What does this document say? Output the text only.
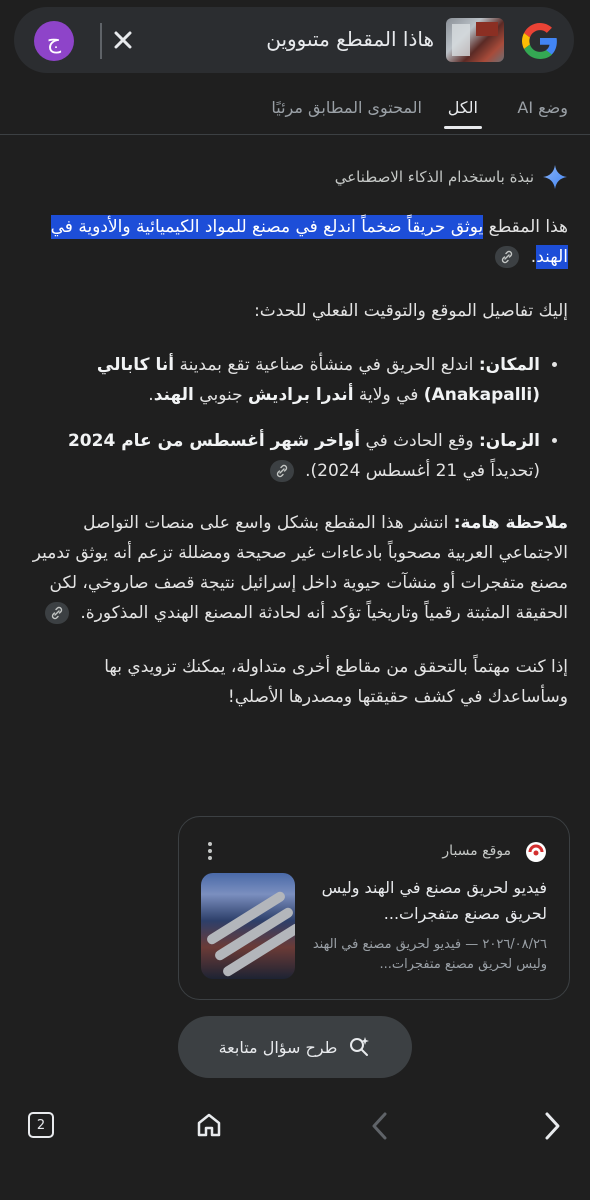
ج	هاذا المقطع متىووين
وضع AI
الكل
المحتوى المطابق مرئيًا
نبذة باستخدام الذكاء الاصطناعي

هذا المقطع يوثق حريقاً ضخماً اندلع في مصنع للمواد الكيميائية والأدوية في الهند.

إليك تفاصيل الموقع والتوقيت الفعلي للحدث:

• المكان: اندلع الحريق في منشأة صناعية تقع بمدينة أنا كابالي (Anakapalli) في ولاية أندرا براديش جنوبي الهند.
• الزمان: وقع الحادث في أواخر شهر أغسطس من عام 2024 (تحديداً في 21 أغسطس 2024).

ملاحظة هامة: انتشر هذا المقطع بشكل واسع على منصات التواصل الاجتماعي العربية مصحوباً بادعاءات غير صحيحة ومضللة تزعم أنه يوثق تدمير مصنع متفجرات أو منشآت حيوية داخل إسرائيل نتيجة قصف صاروخي، لكن الحقيقة المثبتة رقمياً وتاريخياً تؤكد أنه لحادثة المصنع الهندي المذكورة.

إذا كنت مهتماً بالتحقق من مقاطع أخرى متداولة، يمكنك تزويدي بها وسأساعدك في كشف حقيقتها ومصدرها الأصلي!

موقع مسبار
فيديو لحريق مصنع في الهند وليس لحريق مصنع متفجرات...
٢٠٢٦/٠٨/٢٦ — فيديو لحريق مصنع في الهند وليس لحريق مصنع متفجرات...
طرح سؤال متابعة
2
